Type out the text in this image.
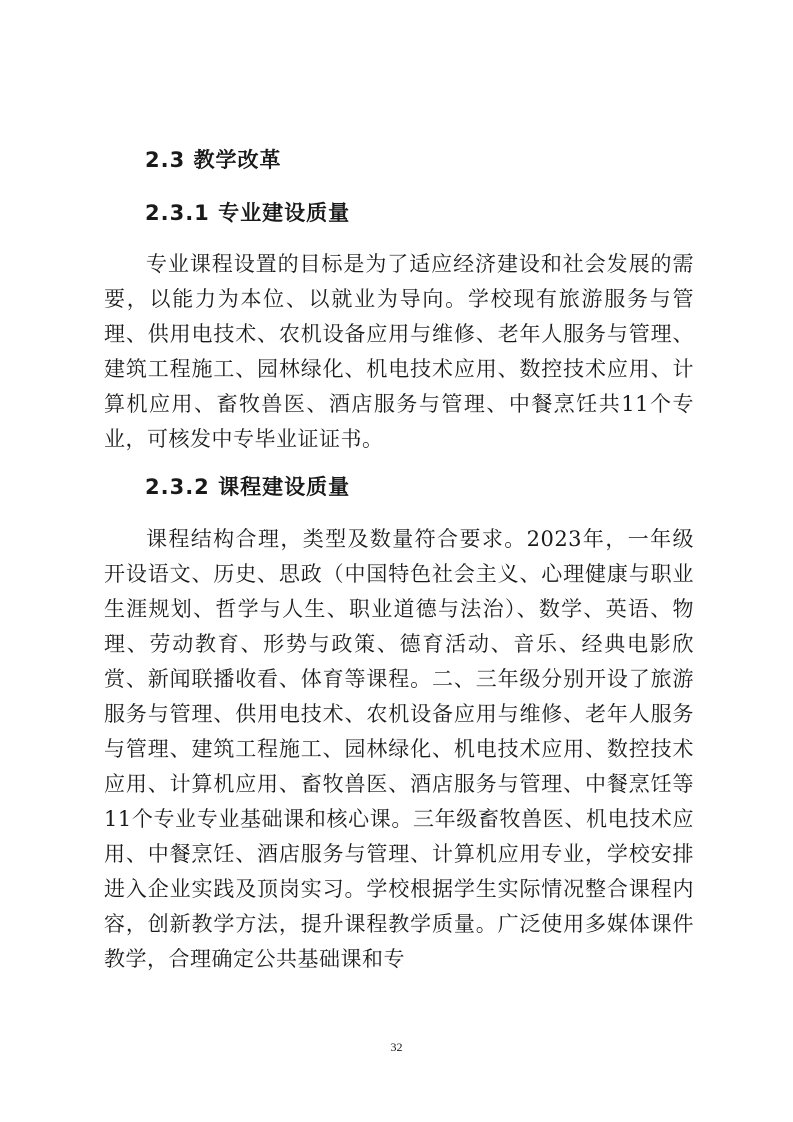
2.3 教学改革
2.3.1 专业建设质量
专业课程设置的目标是为了适应经济建设和社会发展的需要，以能力为本位、以就业为导向。学校现有旅游服务与管理、供用电技术、农机设备应用与维修、老年人服务与管理、建筑工程施工、园林绿化、机电技术应用、数控技术应用、计算机应用、畜牧兽医、酒店服务与管理、中餐烹饪共11个专业，可核发中专毕业证证书。
2.3.2 课程建设质量
课程结构合理，类型及数量符合要求。2023年，一年级开设语文、历史、思政（中国特色社会主义、心理健康与职业生涯规划、哲学与人生、职业道德与法治）、数学、英语、物理、劳动教育、形势与政策、德育活动、音乐、经典电影欣赏、新闻联播收看、体育等课程。二、三年级分别开设了旅游服务与管理、供用电技术、农机设备应用与维修、老年人服务与管理、建筑工程施工、园林绿化、机电技术应用、数控技术应用、计算机应用、畜牧兽医、酒店服务与管理、中餐烹饪等11个专业专业基础课和核心课。三年级畜牧兽医、机电技术应用、中餐烹饪、酒店服务与管理、计算机应用专业，学校安排进入企业实践及顶岗实习。学校根据学生实际情况整合课程内容，创新教学方法，提升课程教学质量。广泛使用多媒体课件教学，合理确定公共基础课和专
32
